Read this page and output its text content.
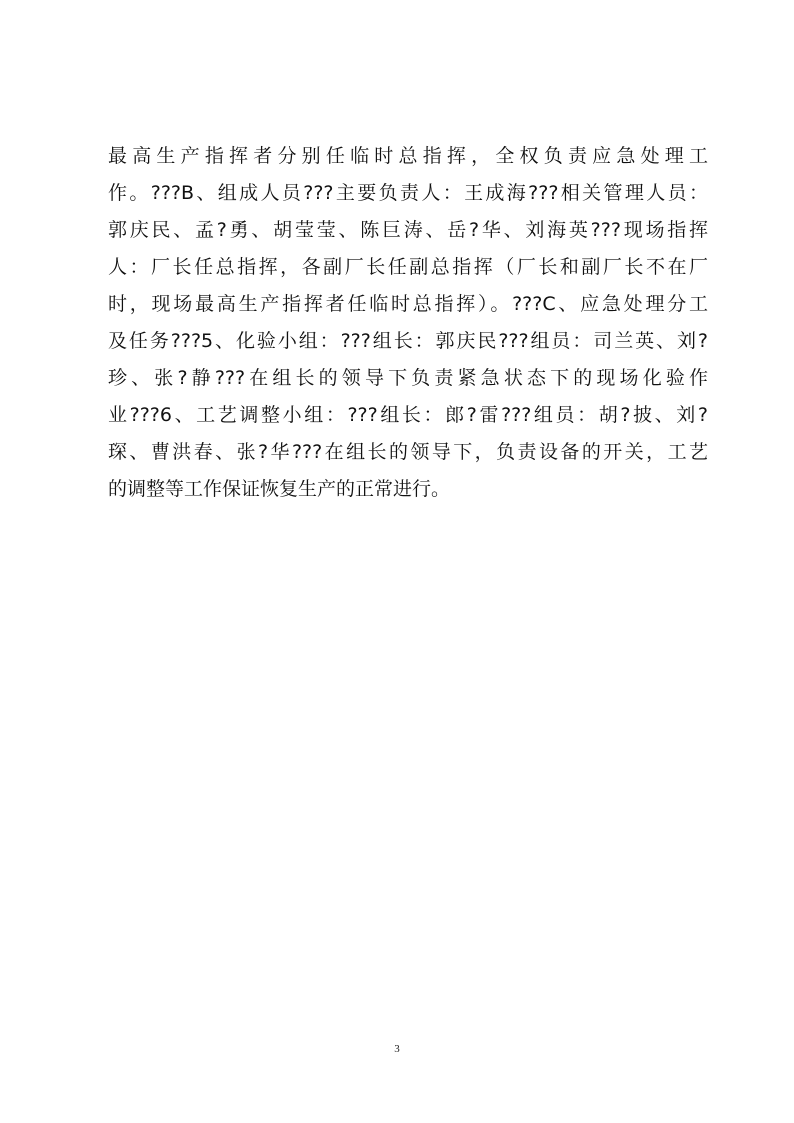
最高生产指挥者分别任临时总指挥，全权负责应急处理工
作。???B、组成人员???主要负责人：王成海???相关管理人员：
郭庆民、孟?勇、胡莹莹、陈巨涛、岳?华、刘海英???现场指挥
人：厂长任总指挥，各副厂长任副总指挥（厂长和副厂长不在厂
时，现场最高生产指挥者任临时总指挥）。???C、应急处理分工
及任务???5、化验小组：???组长：郭庆民???组员：司兰英、刘?
珍、张?静???在组长的领导下负责紧急状态下的现场化验作
业???6、工艺调整小组：???组长：郎?雷???组员：胡?披、刘?
琛、曹洪春、张?华???在组长的领导下，负责设备的开关，工艺
的调整等工作保证恢复生产的正常进行。
3
